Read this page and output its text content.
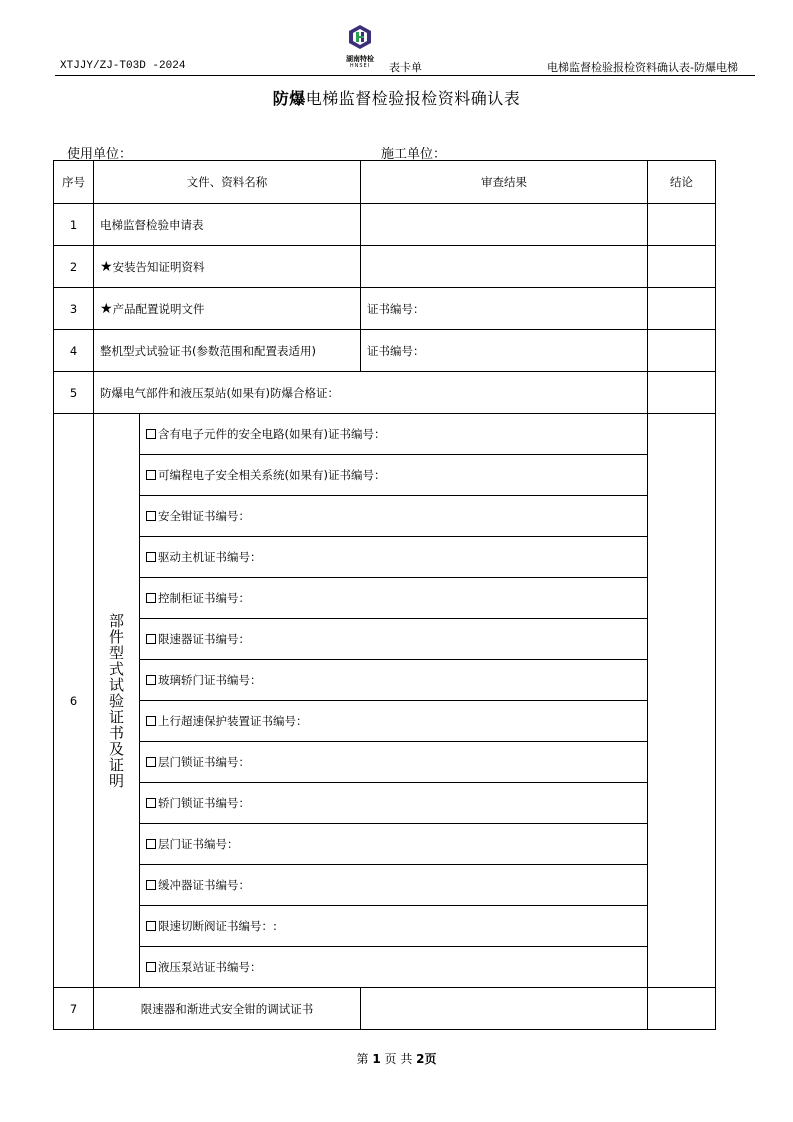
XTJJY/ZJ-T03D -2024
湖南特检
HNSEI	表卡单	电梯监督检验报检资料确认表-防爆电梯
防爆电梯监督检验报检资料确认表
使用单位：	施工单位：
序号	文件、资料名称		审查结果	结论
1	电梯监督检验申请表			
2	★安装告知证明资料			
3	★产品配置说明文件		证书编号：	
4	整机型式试验证书(参数范围和配置表适用)		证书编号：	
5	防爆电气部件和液压泵站(如果有)防爆合格证：			
6	部件型式试验证书及证明	含有电子元件的安全电路(如果有)证书编号：		
		可编程电子安全相关系统(如果有)证书编号：		
		安全钳证书编号：		
		驱动主机证书编号：		
		控制柜证书编号：		
		限速器证书编号：		
		玻璃轿门证书编号：		
		上行超速保护装置证书编号：		
		层门锁证书编号：		
		轿门锁证书编号：		
		层门证书编号：		
		缓冲器证书编号：		
		限速切断阀证书编号：:		
		液压泵站证书编号：		
7	限速器和渐进式安全钳的调试证书			
第 1 页 共 2页
